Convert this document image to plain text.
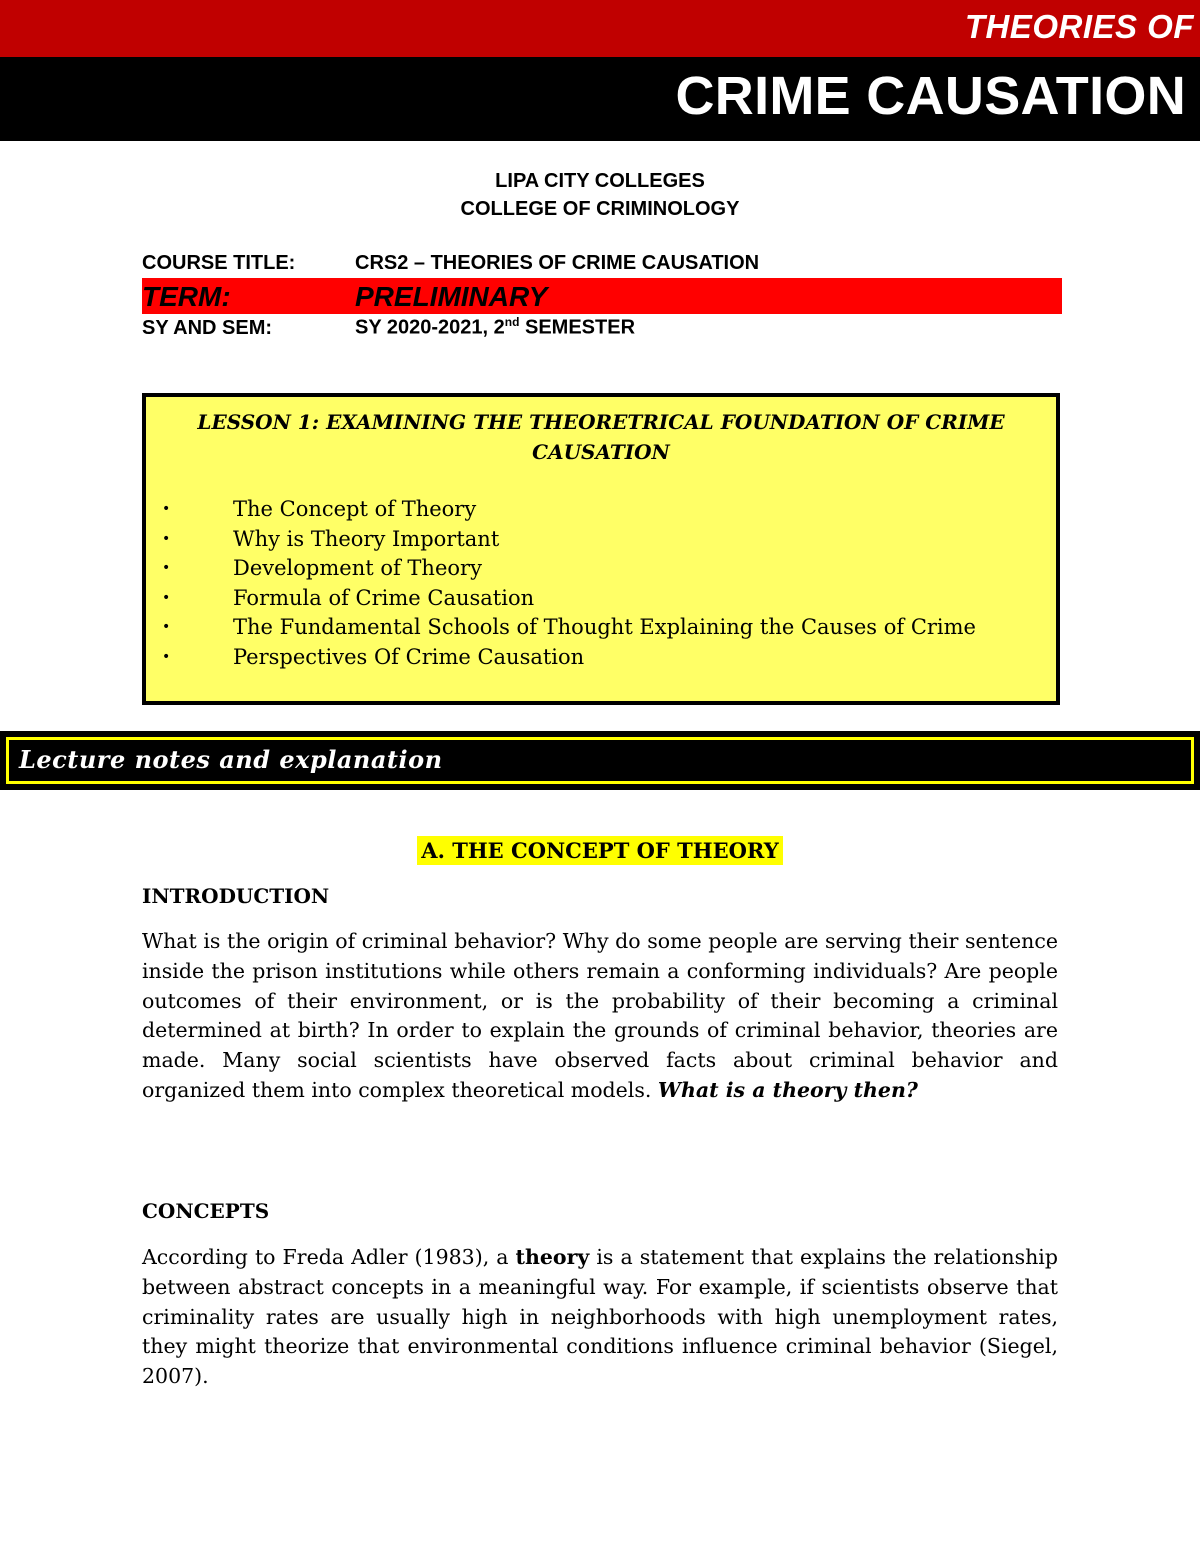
THEORIES OF
CRIME CAUSATION
LIPA CITY COLLEGES
COLLEGE OF CRIMINOLOGY
COURSE TITLE:	CRS2 – THEORIES OF CRIME CAUSATION
TERM:	PRELIMINARY
SY AND SEM:	SY 2020-2021, 2nd SEMESTER
LESSON 1: EXAMINING THE THEORETRICAL FOUNDATION OF CRIME CAUSATION
•	The Concept of Theory
•	Why is Theory Important
•	Development of Theory
•	Formula of Crime Causation
•	The Fundamental Schools of Thought Explaining the Causes of Crime
•	Perspectives Of Crime Causation
Lecture notes and explanation
A. THE CONCEPT OF THEORY
INTRODUCTION

What is the origin of criminal behavior? Why do some people are serving their sentence inside the prison institutions while others remain a conforming individuals? Are people outcomes of their environment, or is the probability of their becoming a criminal determined at birth? In order to explain the grounds of criminal behavior, theories are made. Many social scientists have observed facts about criminal behavior and organized them into complex theoretical models. What is a theory then?

CONCEPTS

According to Freda Adler (1983), a theory is a statement that explains the relationship between abstract concepts in a meaningful way. For example, if scientists observe that criminality rates are usually high in neighborhoods with high unemployment rates, they might theorize that environmental conditions influence criminal behavior (Siegel, 2007).
